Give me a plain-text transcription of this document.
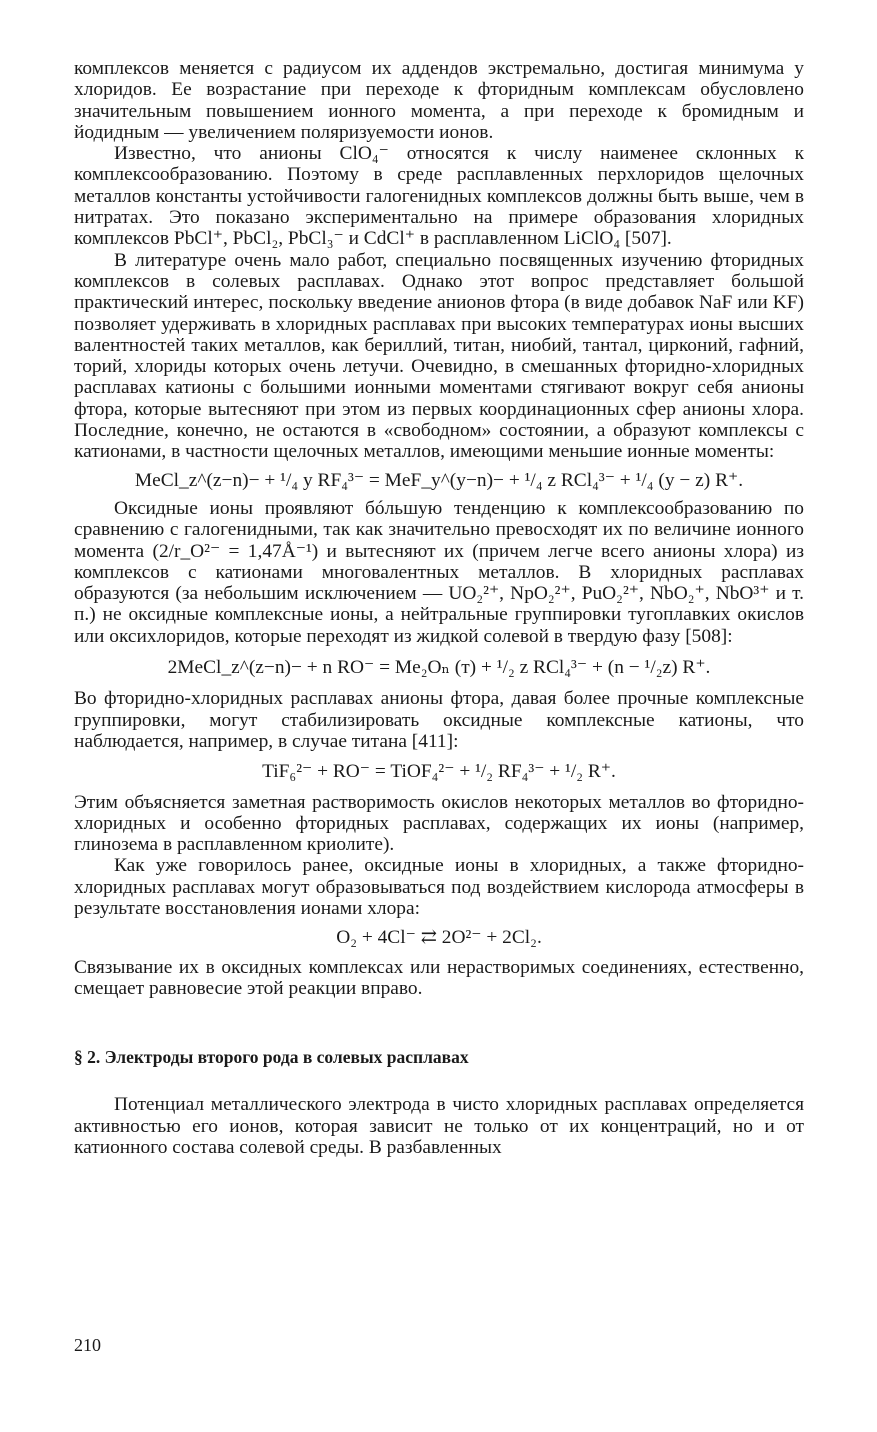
комплексов меняется с радиусом их аддендов экстремально, достигая минимума у хлоридов. Ее возрастание при переходе к фторидным комплексам обусловлено значительным повышением ионного момента, а при переходе к бромидным и йодидным — увеличением поляризуемости ионов.

Известно, что анионы ClO₄⁻ относятся к числу наименее склонных к комплексообразованию. Поэтому в среде расплавленных перхлоридов щелочных металлов константы устойчивости галогенидных комплексов должны быть выше, чем в нитратах. Это показано экспериментально на примере образования хлоридных комплексов PbCl⁺, PbCl₂, PbCl₃⁻ и CdCl⁺ в расплавленном LiClO₄ [507].

В литературе очень мало работ, специально посвященных изучению фторидных комплексов в солевых расплавах. Однако этот вопрос представляет большой практический интерес, поскольку введение анионов фтора (в виде добавок NaF или KF) позволяет удерживать в хлоридных расплавах при высоких температурах ионы высших валентностей таких металлов, как бериллий, титан, ниобий, тантал, цирконий, гафний, торий, хлориды которых очень летучи. Очевидно, в смешанных фторидно-хлоридных расплавах катионы с большими ионными моментами стягивают вокруг себя анионы фтора, которые вытесняют при этом из первых координационных сфер анионы хлора. Последние, конечно, не остаются в «свободном» состоянии, а образуют комплексы с катионами, в частности щелочных металлов, имеющими меньшие ионные моменты:

MeCl_z^(z−n)− + ¹/₄ y RF₄³⁻ = MeF_y^(y−n)− + ¹/₄ z RCl₄³⁻ + ¹/₄ (y − z) R⁺.

Оксидные ионы проявляют бóльшую тенденцию к комплексообразованию по сравнению с галогенидными, так как значительно превосходят их по величине ионного момента (2/r_O²⁻ = 1,47Å⁻¹) и вытесняют их (причем легче всего анионы хлора) из комплексов с катионами многовалентных металлов. В хлоридных расплавах образуются (за небольшим исключением — UO₂²⁺, NpO₂²⁺, PuO₂²⁺, NbO₂⁺, NbO³⁺ и т. п.) не оксидные комплексные ионы, а нейтральные группировки тугоплавких окислов или оксихлоридов, которые переходят из жидкой солевой в твердую фазу [508]:

2MeCl_z^(z−n)− + n RO⁻ = Me₂Oₙ (т) + ¹/₂ z RCl₄³⁻ + (n − ¹/₂z) R⁺.

Во фторидно-хлоридных расплавах анионы фтора, давая более прочные комплексные группировки, могут стабилизировать оксидные комплексные катионы, что наблюдается, например, в случае титана [411]:

TiF₆²⁻ + RO⁻ = TiOF₄²⁻ + ¹/₂ RF₄³⁻ + ¹/₂ R⁺.

Этим объясняется заметная растворимость окислов некоторых металлов во фторидно-хлоридных и особенно фторидных расплавах, содержащих их ионы (например, глинозема в расплавленном криолите).

Как уже говорилось ранее, оксидные ионы в хлоридных, а также фторидно-хлоридных расплавах могут образовываться под воздействием кислорода атмосферы в результате восстановления ионами хлора:

O₂ + 4Cl⁻ ⇄ 2O²⁻ + 2Cl₂.

Связывание их в оксидных комплексах или нерастворимых соединениях, естественно, смещает равновесие этой реакции вправо.

§ 2. Электроды второго рода в солевых расплавах

Потенциал металлического электрода в чисто хлоридных расплавах определяется активностью его ионов, которая зависит не только от их концентраций, но и от катионного состава солевой среды. В разбавленных

210
